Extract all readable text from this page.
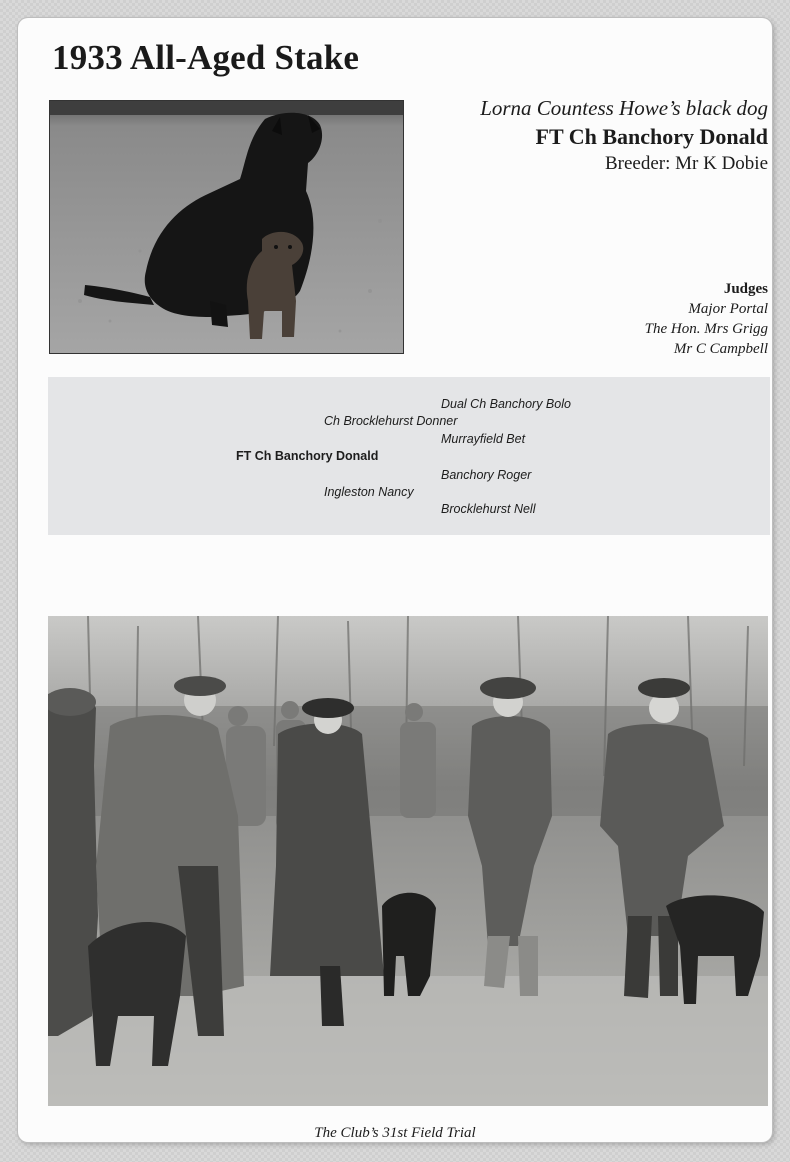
1933 All-Aged Stake
Lorna Countess Howe’s black dog
FT Ch Banchory Donald
Breeder: Mr K Dobie
Judges
Major Portal
The Hon. Mrs Grigg
Mr C Campbell
Dual Ch Banchory Bolo
Ch Brocklehurst Donner
Murrayfield Bet
FT Ch Banchory Donald
Banchory Roger
Ingleston Nancy
Brocklehurst Nell
The Club’s 31st Field Trial
